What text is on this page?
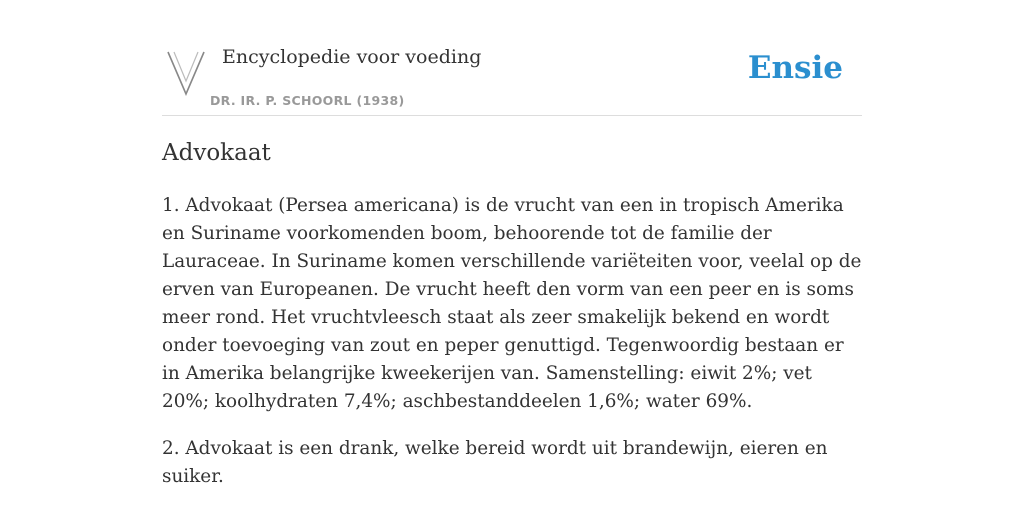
Encyclopedie voor voeding
DR. IR. P. SCHOORL (1938)
Ensie
Advokaat

1. Advokaat (Persea americana) is de vrucht van een in tropisch Amerika en Suriname voorkomenden boom, behoorende tot de familie der Lauraceae. In Suriname komen verschillende variëteiten voor, veelal op de erven van Europeanen. De vrucht heeft den vorm van een peer en is soms meer rond. Het vruchtvleesch staat als zeer smakelijk bekend en wordt onder toevoeging van zout en peper genuttigd. Tegenwoordig bestaan er in Amerika belangrijke kweekerijen van. Samenstelling: eiwit 2%; vet 20%; koolhydraten 7,4%; aschbestanddeelen 1,6%; water 69%.

2. Advokaat is een drank, welke bereid wordt uit brandewijn, eieren en suiker.
